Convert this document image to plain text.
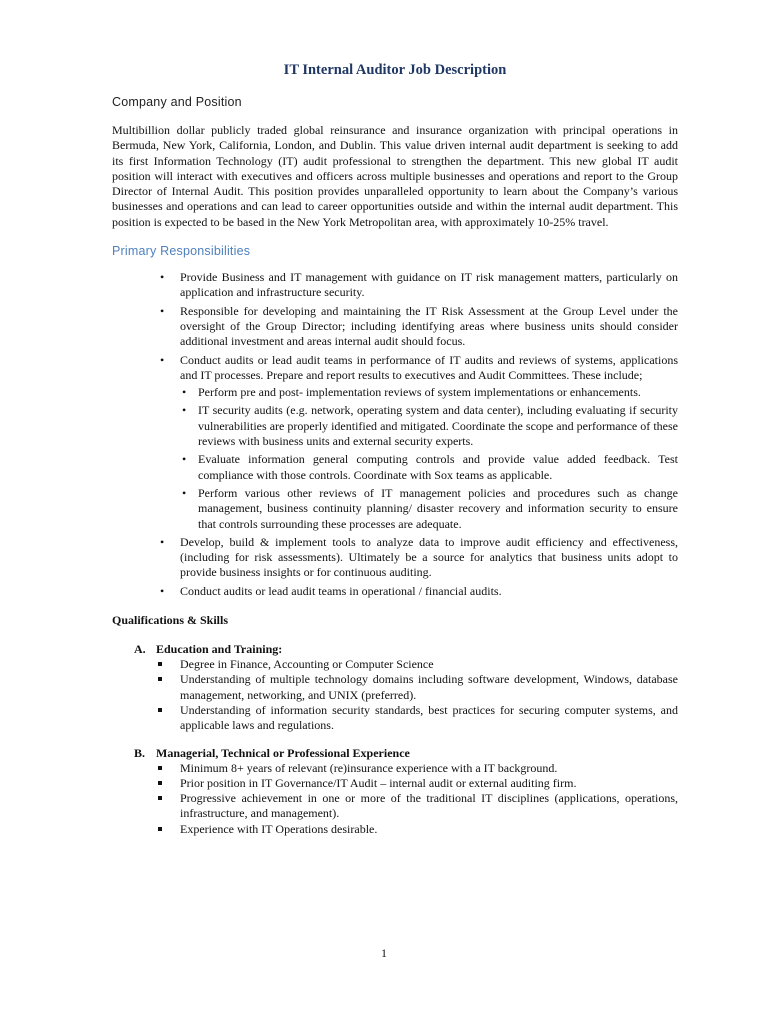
IT Internal Auditor Job Description
Company and Position

Multibillion dollar publicly traded global reinsurance and insurance organization with principal operations in Bermuda, New York, California, London, and Dublin. This value driven internal audit department is seeking to add its first Information Technology (IT) audit professional to strengthen the department. This new global IT audit position will interact with executives and officers across multiple businesses and operations and report to the Group Director of Internal Audit. This position provides unparalleled opportunity to learn about the Company’s various businesses and operations and can lead to career opportunities outside and within the internal audit department. This position is expected to be based in the New York Metropolitan area, with approximately 10-25% travel.

Primary Responsibilities
• Provide Business and IT management with guidance on IT risk management matters, particularly on application and infrastructure security.
• Responsible for developing and maintaining the IT Risk Assessment at the Group Level under the oversight of the Group Director; including identifying areas where business units should consider additional investment and areas internal audit should focus.
• Conduct audits or lead audit teams in performance of IT audits and reviews of systems, applications and IT processes. Prepare and report results to executives and Audit Committees. These include;
• Perform pre and post- implementation reviews of system implementations or enhancements.
• IT security audits (e.g. network, operating system and data center), including evaluating if security vulnerabilities are properly identified and mitigated. Coordinate the scope and performance of these reviews with business units and external security experts.
• Evaluate information general computing controls and provide value added feedback. Test compliance with those controls. Coordinate with Sox teams as applicable.
• Perform various other reviews of IT management policies and procedures such as change management, business continuity planning/ disaster recovery and information security to ensure that controls surrounding these processes are adequate.
• Develop, build & implement tools to analyze data to improve audit efficiency and effectiveness, (including for risk assessments). Ultimately be a source for analytics that business units adopt to provide business insights or for continuous auditing.
• Conduct audits or lead audit teams in operational / financial audits.
Qualifications & Skills
A. Education and Training:
Degree in Finance, Accounting or Computer Science
Understanding of multiple technology domains including software development, Windows, database management, networking, and UNIX (preferred).
Understanding of information security standards, best practices for securing computer systems, and applicable laws and regulations.
B. Managerial, Technical or Professional Experience
Minimum 8+ years of relevant (re)insurance experience with a IT background.
Prior position in IT Governance/IT Audit – internal audit or external auditing firm.
Progressive achievement in one or more of the traditional IT disciplines (applications, operations, infrastructure, and management).
Experience with IT Operations desirable.
1
